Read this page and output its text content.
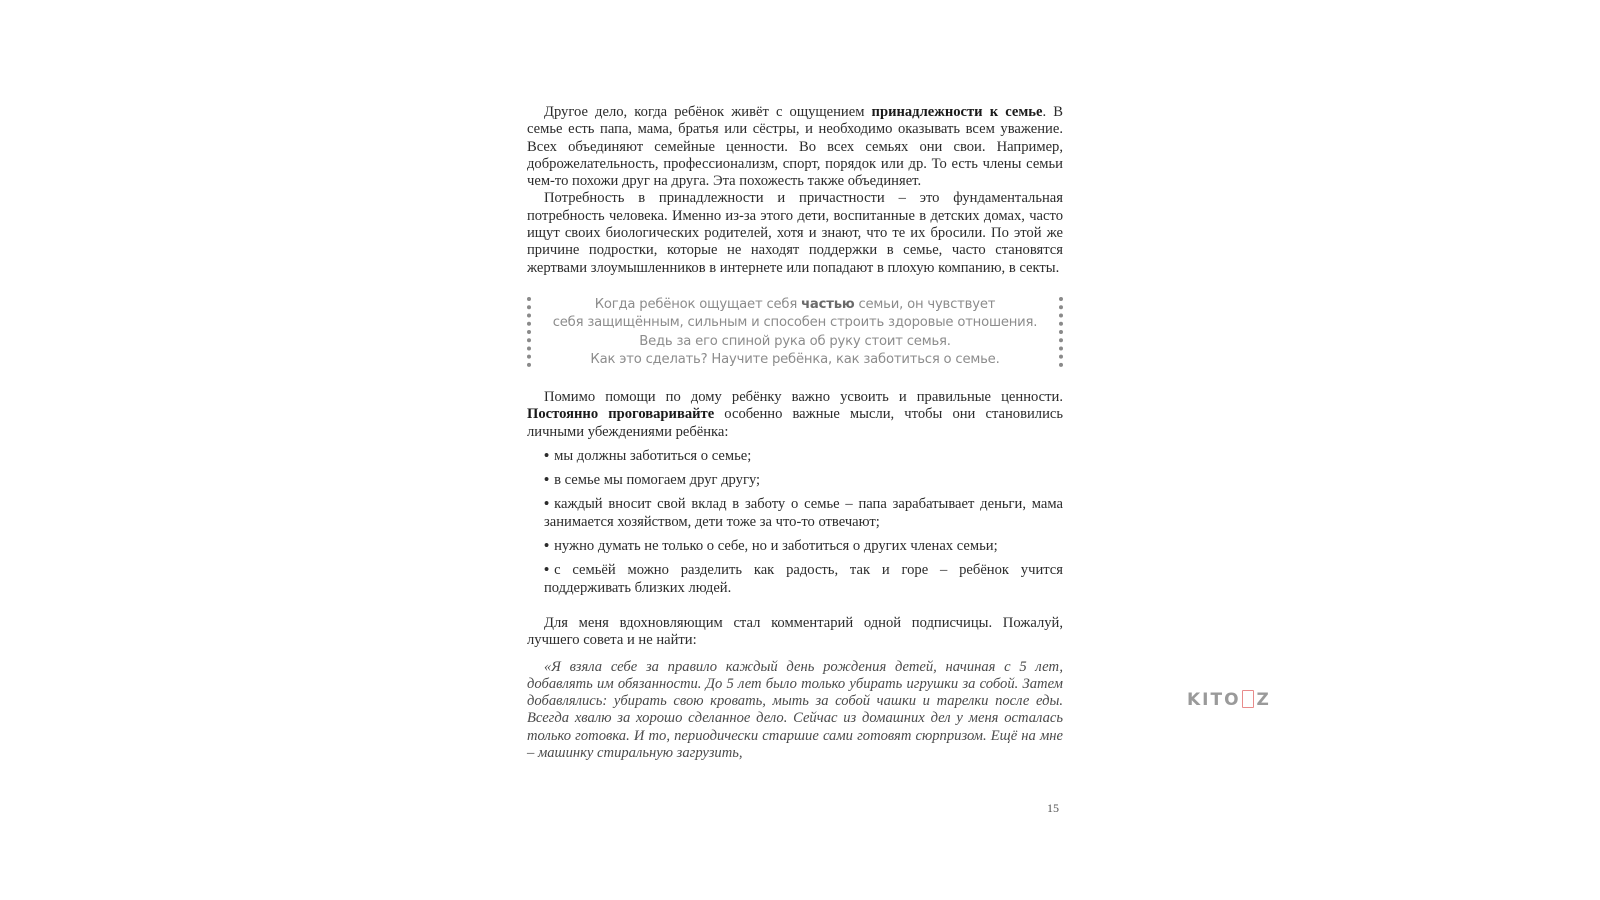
Другое дело, когда ребёнок живёт с ощущением принадлежности к семье. В семье есть папа, мама, братья или сёстры, и необходимо оказывать всем уважение. Всех объединяют семейные ценности. Во всех семьях они свои. Например, доброжелательность, профессионализм, спорт, порядок или др. То есть члены семьи чем-то похожи друг на друга. Эта похожесть также объединяет.

Потребность в принадлежности и причастности – это фундаментальная потребность человека. Именно из-за этого дети, воспитанные в детских домах, часто ищут своих биологических родителей, хотя и знают, что те их бросили. По этой же причине подростки, которые не находят поддержки в семье, часто становятся жертвами злоумышленников в интернете или попадают в плохую компанию, в секты.

Когда ребёнок ощущает себя частью семьи, он чувствует
себя защищённым, сильным и способен строить здоровые отношения.
Ведь за его спиной рука об руку стоит семья.
Как это сделать? Научите ребёнка, как заботиться о семье.

Помимо помощи по дому ребёнку важно усвоить и правильные ценности. Постоянно проговаривайте особенно важные мысли, чтобы они становились личными убеждениями ребёнка:

• мы должны заботиться о семье;
• в семье мы помогаем друг другу;
• каждый вносит свой вклад в заботу о семье – папа зарабатывает деньги, мама занимается хозяйством, дети тоже за что-то отвечают;
• нужно думать не только о себе, но и заботиться о других членах семьи;
• с семьёй можно разделить как радость, так и горе – ребёнок учится поддерживать близких людей.

Для меня вдохновляющим стал комментарий одной подписчицы. Пожалуй, лучшего совета и не найти:

«Я взяла себе за правило каждый день рождения детей, начиная с 5 лет, добавлять им обязанности. До 5 лет было только убирать игрушки за собой. Затем добавлялись: убирать свою кровать, мыть за собой чашки и тарелки после еды. Всегда хвалю за хорошо сделанное дело. Сейчас из домашних дел у меня осталась только готовка. И то, периодически старшие сами готовят сюрпризом. Ещё на мне – машинку стиральную загрузить,

15
KITO Z
